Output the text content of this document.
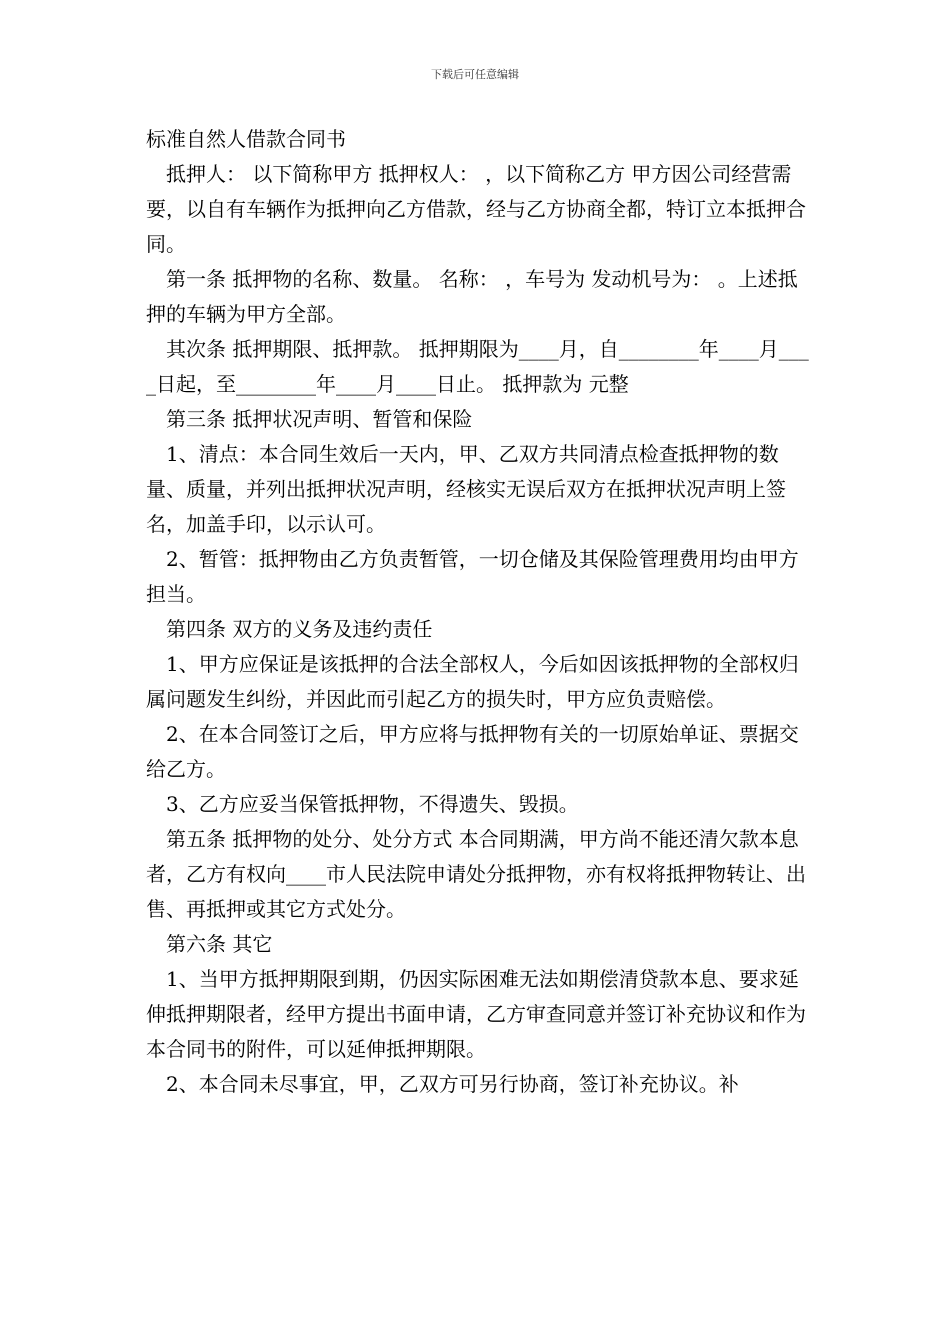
下载后可任意编辑
标准自然人借款合同书

抵押人： 以下简称甲方 抵押权人： ，以下简称乙方 甲方因公司经营需要，以自有车辆作为抵押向乙方借款，经与乙方协商全都，特订立本抵押合同。

第一条 抵押物的名称、数量。 名称： ，车号为 发动机号为： 。上述抵押的车辆为甲方全部。

其次条 抵押期限、抵押款。 抵押期限为____月，自________年____月____日起，至________年____月____日止。 抵押款为 元整

第三条 抵押状况声明、暂管和保险

1、清点：本合同生效后一天内，甲、乙双方共同清点检查抵押物的数量、质量，并列出抵押状况声明，经核实无误后双方在抵押状况声明上签名，加盖手印，以示认可。

2、暂管：抵押物由乙方负责暂管，一切仓储及其保险管理费用均由甲方担当。

第四条 双方的义务及违约责任

1、甲方应保证是该抵押的合法全部权人，今后如因该抵押物的全部权归属问题发生纠纷，并因此而引起乙方的损失时，甲方应负责赔偿。

2、在本合同签订之后，甲方应将与抵押物有关的一切原始单证、票据交给乙方。

3、乙方应妥当保管抵押物，不得遗失、毁损。

第五条 抵押物的处分、处分方式 本合同期满，甲方尚不能还清欠款本息者，乙方有权向____市人民法院申请处分抵押物，亦有权将抵押物转让、出售、再抵押或其它方式处分。

第六条 其它

1、当甲方抵押期限到期，仍因实际困难无法如期偿清贷款本息、要求延伸抵押期限者，经甲方提出书面申请，乙方审查同意并签订补充协议和作为本合同书的附件，可以延伸抵押期限。

2、本合同未尽事宜，甲，乙双方可另行协商，签订补充协议。补
